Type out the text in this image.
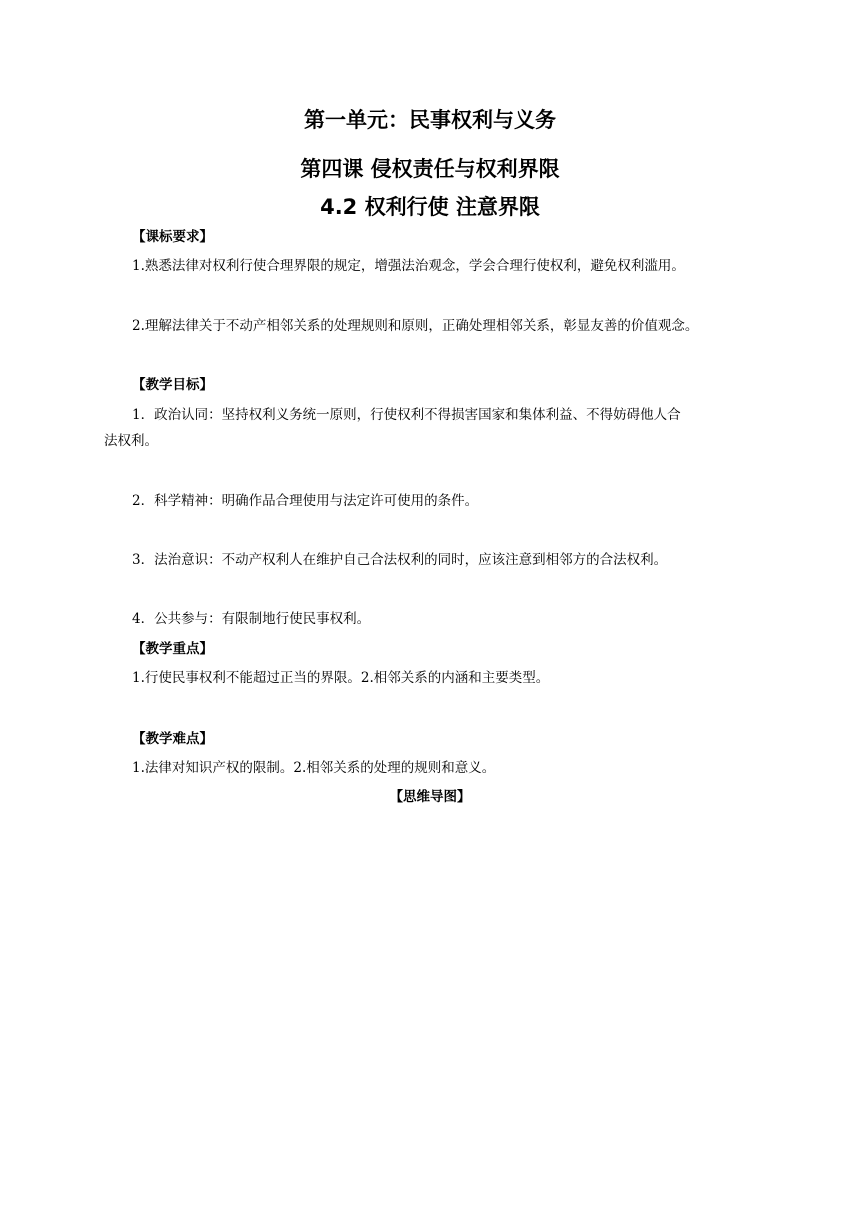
第一单元：民事权利与义务
第四课 侵权责任与权利界限
4.2 权利行使 注意界限
【课标要求】
1.熟悉法律对权利行使合理界限的规定，增强法治观念，学会合理行使权利，避免权利滥用。
2.理解法律关于不动产相邻关系的处理规则和原则，正确处理相邻关系，彰显友善的价值观念。
【教学目标】
1．政治认同：坚持权利义务统一原则，行使权利不得损害国家和集体利益、不得妨碍他人合
法权利。
2．科学精神：明确作品合理使用与法定许可使用的条件。
3．法治意识：不动产权利人在维护自己合法权利的同时，应该注意到相邻方的合法权利。
4．公共参与：有限制地行使民事权利。
【教学重点】
1.行使民事权利不能超过正当的界限。2.相邻关系的内涵和主要类型。
【教学难点】
1.法律对知识产权的限制。2.相邻关系的处理的规则和意义。
【思维导图】
